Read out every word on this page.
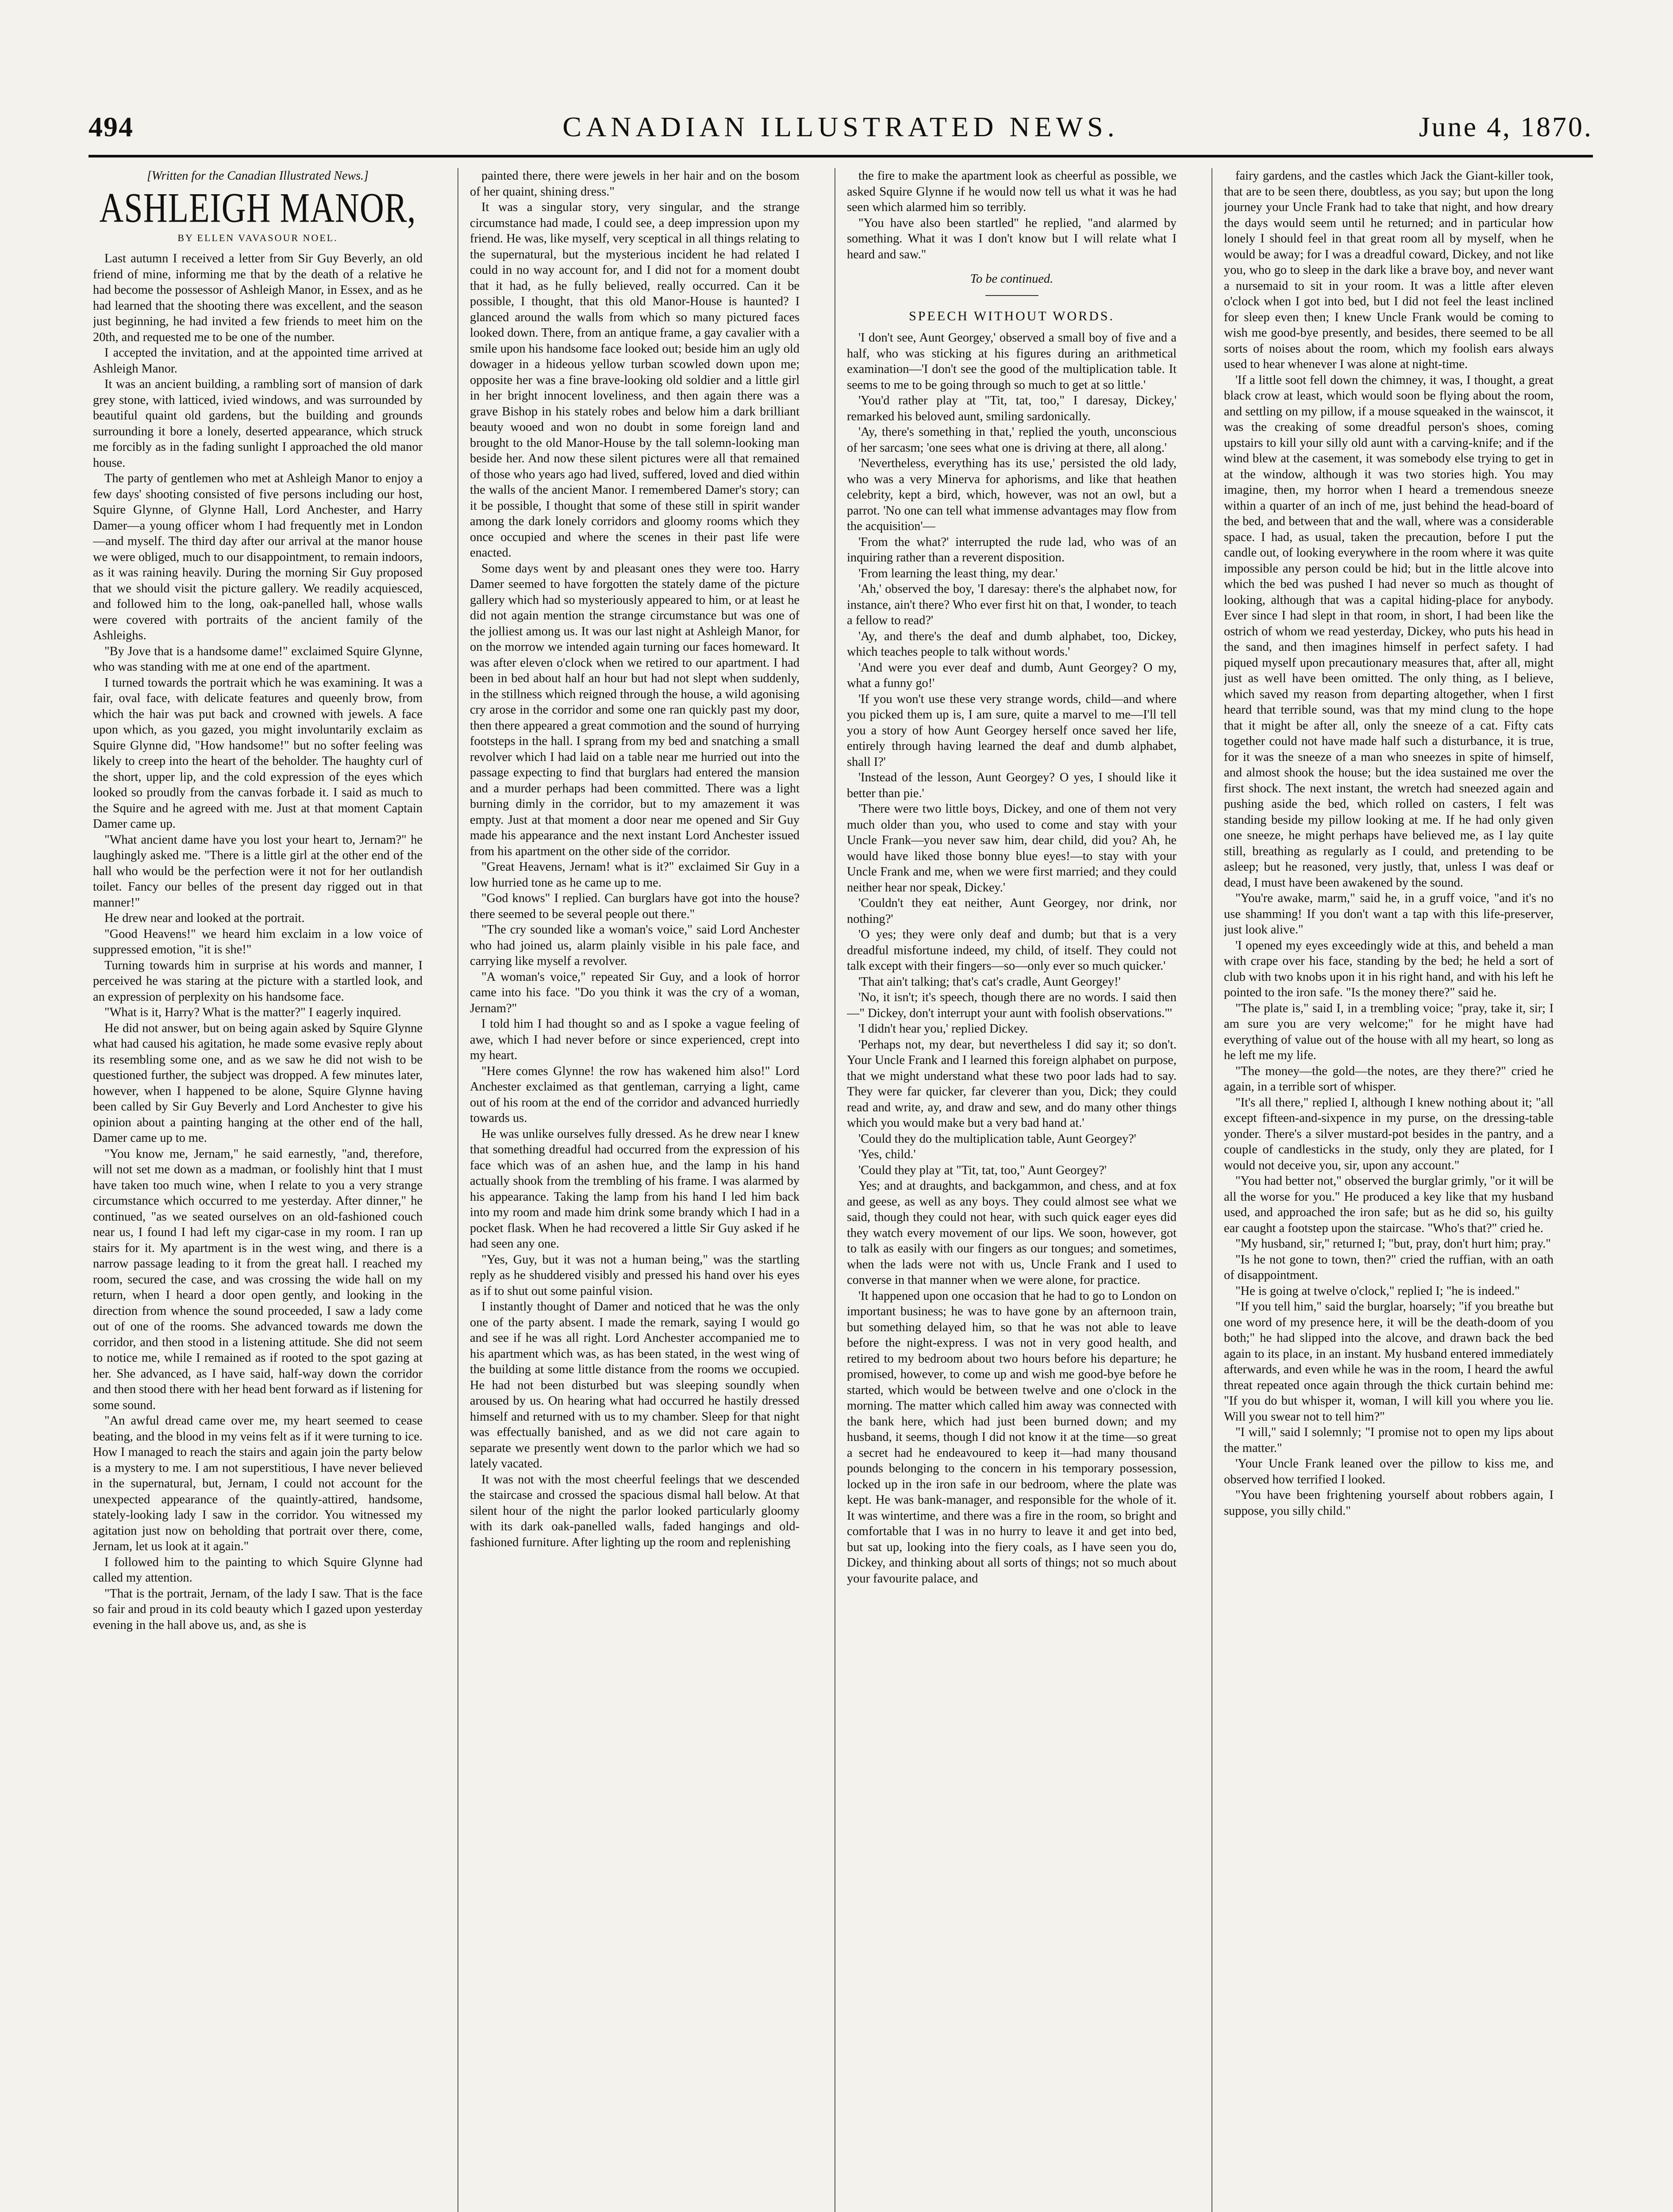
494	CANADIAN ILLUSTRATED NEWS.	June 4, 1870.
[Written for the Canadian Illustrated News.]
ASHLEIGH MANOR,
BY ELLEN VAVASOUR NOEL.

Last autumn I received a letter from Sir Guy Beverly, an old friend of mine, informing me that by the death of a relative he had become the possessor of Ashleigh Manor, in Essex, and as he had learned that the shooting there was excellent, and the season just beginning, he had invited a few friends to meet him on the 20th, and requested me to be one of the number.

I accepted the invitation, and at the appointed time arrived at Ashleigh Manor.

It was an ancient building, a rambling sort of mansion of dark grey stone, with latticed, ivied windows, and was surrounded by beautiful quaint old gardens, but the building and grounds surrounding it bore a lonely, deserted appearance, which struck me forcibly as in the fading sunlight I approached the old manor house.

The party of gentlemen who met at Ashleigh Manor to enjoy a few days' shooting consisted of five persons including our host, Squire Glynne, of Glynne Hall, Lord Anchester, and Harry Damer—a young officer whom I had frequently met in London—and myself. The third day after our arrival at the manor house we were obliged, much to our disappointment, to remain indoors, as it was raining heavily. During the morning Sir Guy proposed that we should visit the picture gallery. We readily acquiesced, and followed him to the long, oak-panelled hall, whose walls were covered with portraits of the ancient family of the Ashleighs.

"By Jove that is a handsome dame!" exclaimed Squire Glynne, who was standing with me at one end of the apartment.

I turned towards the portrait which he was examining. It was a fair, oval face, with delicate features and queenly brow, from which the hair was put back and crowned with jewels. A face upon which, as you gazed, you might involuntarily exclaim as Squire Glynne did, "How handsome!" but no softer feeling was likely to creep into the heart of the beholder. The haughty curl of the short, upper lip, and the cold expression of the eyes which looked so proudly from the canvas forbade it. I said as much to the Squire and he agreed with me. Just at that moment Captain Damer came up.

"What ancient dame have you lost your heart to, Jernam?" he laughingly asked me. "There is a little girl at the other end of the hall who would be the perfection were it not for her outlandish toilet. Fancy our belles of the present day rigged out in that manner!"

He drew near and looked at the portrait.

"Good Heavens!" we heard him exclaim in a low voice of suppressed emotion, "it is she!"

Turning towards him in surprise at his words and manner, I perceived he was staring at the picture with a startled look, and an expression of perplexity on his handsome face.

"What is it, Harry? What is the matter?" I eagerly inquired.

He did not answer, but on being again asked by Squire Glynne what had caused his agitation, he made some evasive reply about its resembling some one, and as we saw he did not wish to be questioned further, the subject was dropped. A few minutes later, however, when I happened to be alone, Squire Glynne having been called by Sir Guy Beverly and Lord Anchester to give his opinion about a painting hanging at the other end of the hall, Damer came up to me.

"You know me, Jernam," he said earnestly, "and, therefore, will not set me down as a madman, or foolishly hint that I must have taken too much wine, when I relate to you a very strange circumstance which occurred to me yesterday. After dinner," he continued, "as we seated ourselves on an old-fashioned couch near us, I found I had left my cigar-case in my room. I ran up stairs for it. My apartment is in the west wing, and there is a narrow passage leading to it from the great hall. I reached my room, secured the case, and was crossing the wide hall on my return, when I heard a door open gently, and looking in the direction from whence the sound proceeded, I saw a lady come out of one of the rooms. She advanced towards me down the corridor, and then stood in a listening attitude. She did not seem to notice me, while I remained as if rooted to the spot gazing at her. She advanced, as I have said, half-way down the corridor and then stood there with her head bent forward as if listening for some sound.

"An awful dread came over me, my heart seemed to cease beating, and the blood in my veins felt as if it were turning to ice. How I managed to reach the stairs and again join the party below is a mystery to me. I am not superstitious, I have never believed in the supernatural, but, Jernam, I could not account for the unexpected appearance of the quaintly-attired, handsome, stately-looking lady I saw in the corridor. You witnessed my agitation just now on beholding that portrait over there, come, Jernam, let us look at it again."

I followed him to the painting to which Squire Glynne had called my attention.

"That is the portrait, Jernam, of the lady I saw. That is the face so fair and proud in its cold beauty which I gazed upon yesterday evening in the hall above us, and, as she is

painted there, there were jewels in her hair and on the bosom of her quaint, shining dress."

It was a singular story, very singular, and the strange circumstance had made, I could see, a deep impression upon my friend. He was, like myself, very sceptical in all things relating to the supernatural, but the mysterious incident he had related I could in no way account for, and I did not for a moment doubt that it had, as he fully believed, really occurred. Can it be possible, I thought, that this old Manor-House is haunted? I glanced around the walls from which so many pictured faces looked down. There, from an antique frame, a gay cavalier with a smile upon his handsome face looked out; beside him an ugly old dowager in a hideous yellow turban scowled down upon me; opposite her was a fine brave-looking old soldier and a little girl in her bright innocent loveliness, and then again there was a grave Bishop in his stately robes and below him a dark brilliant beauty wooed and won no doubt in some foreign land and brought to the old Manor-House by the tall solemn-looking man beside her. And now these silent pictures were all that remained of those who years ago had lived, suffered, loved and died within the walls of the ancient Manor. I remembered Damer's story; can it be possible, I thought that some of these still in spirit wander among the dark lonely corridors and gloomy rooms which they once occupied and where the scenes in their past life were enacted.

Some days went by and pleasant ones they were too. Harry Damer seemed to have forgotten the stately dame of the picture gallery which had so mysteriously appeared to him, or at least he did not again mention the strange circumstance but was one of the jolliest among us. It was our last night at Ashleigh Manor, for on the morrow we intended again turning our faces homeward. It was after eleven o'clock when we retired to our apartment. I had been in bed about half an hour but had not slept when suddenly, in the stillness which reigned through the house, a wild agonising cry arose in the corridor and some one ran quickly past my door, then there appeared a great commotion and the sound of hurrying footsteps in the hall. I sprang from my bed and snatching a small revolver which I had laid on a table near me hurried out into the passage expecting to find that burglars had entered the mansion and a murder perhaps had been committed. There was a light burning dimly in the corridor, but to my amazement it was empty. Just at that moment a door near me opened and Sir Guy made his appearance and the next instant Lord Anchester issued from his apartment on the other side of the corridor.

"Great Heavens, Jernam! what is it?" exclaimed Sir Guy in a low hurried tone as he came up to me.

"God knows" I replied. Can burglars have got into the house? there seemed to be several people out there."

"The cry sounded like a woman's voice," said Lord Anchester who had joined us, alarm plainly visible in his pale face, and carrying like myself a revolver.

"A woman's voice," repeated Sir Guy, and a look of horror came into his face. "Do you think it was the cry of a woman, Jernam?"

I told him I had thought so and as I spoke a vague feeling of awe, which I had never before or since experienced, crept into my heart.

"Here comes Glynne! the row has wakened him also!" Lord Anchester exclaimed as that gentleman, carrying a light, came out of his room at the end of the corridor and advanced hurriedly towards us.

He was unlike ourselves fully dressed. As he drew near I knew that something dreadful had occurred from the expression of his face which was of an ashen hue, and the lamp in his hand actually shook from the trembling of his frame. I was alarmed by his appearance. Taking the lamp from his hand I led him back into my room and made him drink some brandy which I had in a pocket flask. When he had recovered a little Sir Guy asked if he had seen any one.

"Yes, Guy, but it was not a human being," was the startling reply as he shuddered visibly and pressed his hand over his eyes as if to shut out some painful vision.

I instantly thought of Damer and noticed that he was the only one of the party absent. I made the remark, saying I would go and see if he was all right. Lord Anchester accompanied me to his apartment which was, as has been stated, in the west wing of the building at some little distance from the rooms we occupied. He had not been disturbed but was sleeping soundly when aroused by us. On hearing what had occurred he hastily dressed himself and returned with us to my chamber. Sleep for that night was effectually banished, and as we did not care again to separate we presently went down to the parlor which we had so lately vacated.

It was not with the most cheerful feelings that we descended the staircase and crossed the spacious dismal hall below. At that silent hour of the night the parlor looked particularly gloomy with its dark oak-panelled walls, faded hangings and old-fashioned furniture. After lighting up the room and replenishing

the fire to make the apartment look as cheerful as possible, we asked Squire Glynne if he would now tell us what it was he had seen which alarmed him so terribly.

"You have also been startled" he replied, "and alarmed by something. What it was I don't know but I will relate what I heard and saw."

To be continued.
SPEECH WITHOUT WORDS.

'I don't see, Aunt Georgey,' observed a small boy of five and a half, who was sticking at his figures during an arithmetical examination—'I don't see the good of the multiplication table. It seems to me to be going through so much to get at so little.'

'You'd rather play at "Tit, tat, too," I daresay, Dickey,' remarked his beloved aunt, smiling sardonically.

'Ay, there's something in that,' replied the youth, unconscious of her sarcasm; 'one sees what one is driving at there, all along.'

'Nevertheless, everything has its use,' persisted the old lady, who was a very Minerva for aphorisms, and like that heathen celebrity, kept a bird, which, however, was not an owl, but a parrot. 'No one can tell what immense advantages may flow from the acquisition'—

'From the what?' interrupted the rude lad, who was of an inquiring rather than a reverent disposition.

'From learning the least thing, my dear.'

'Ah,' observed the boy, 'I daresay: there's the alphabet now, for instance, ain't there? Who ever first hit on that, I wonder, to teach a fellow to read?'

'Ay, and there's the deaf and dumb alphabet, too, Dickey, which teaches people to talk without words.'

'And were you ever deaf and dumb, Aunt Georgey? O my, what a funny go!'

'If you won't use these very strange words, child—and where you picked them up is, I am sure, quite a marvel to me—I'll tell you a story of how Aunt Georgey herself once saved her life, entirely through having learned the deaf and dumb alphabet, shall I?'

'Instead of the lesson, Aunt Georgey? O yes, I should like it better than pie.'

'There were two little boys, Dickey, and one of them not very much older than you, who used to come and stay with your Uncle Frank—you never saw him, dear child, did you? Ah, he would have liked those bonny blue eyes!—to stay with your Uncle Frank and me, when we were first married; and they could neither hear nor speak, Dickey.'

'Couldn't they eat neither, Aunt Georgey, nor drink, nor nothing?'

'O yes; they were only deaf and dumb; but that is a very dreadful misfortune indeed, my child, of itself. They could not talk except with their fingers—so—only ever so much quicker.'

'That ain't talking; that's cat's cradle, Aunt Georgey!'

'No, it isn't; it's speech, though there are no words. I said then—" Dickey, don't interrupt your aunt with foolish observations."'

'I didn't hear you,' replied Dickey.

'Perhaps not, my dear, but nevertheless I did say it; so don't. Your Uncle Frank and I learned this foreign alphabet on purpose, that we might understand what these two poor lads had to say. They were far quicker, far cleverer than you, Dick; they could read and write, ay, and draw and sew, and do many other things which you would make but a very bad hand at.'

'Could they do the multiplication table, Aunt Georgey?'

'Yes, child.'

'Could they play at "Tit, tat, too," Aunt Georgey?'

Yes; and at draughts, and backgammon, and chess, and at fox and geese, as well as any boys. They could almost see what we said, though they could not hear, with such quick eager eyes did they watch every movement of our lips. We soon, however, got to talk as easily with our fingers as our tongues; and sometimes, when the lads were not with us, Uncle Frank and I used to converse in that manner when we were alone, for practice.

'It happened upon one occasion that he had to go to London on important business; he was to have gone by an afternoon train, but something delayed him, so that he was not able to leave before the night-express. I was not in very good health, and retired to my bedroom about two hours before his departure; he promised, however, to come up and wish me good-bye before he started, which would be between twelve and one o'clock in the morning. The matter which called him away was connected with the bank here, which had just been burned down; and my husband, it seems, though I did not know it at the time—so great a secret had he endeavoured to keep it—had many thousand pounds belonging to the concern in his temporary possession, locked up in the iron safe in our bedroom, where the plate was kept. He was bank-manager, and responsible for the whole of it. It was wintertime, and there was a fire in the room, so bright and comfortable that I was in no hurry to leave it and get into bed, but sat up, looking into the fiery coals, as I have seen you do, Dickey, and thinking about all sorts of things; not so much about your favourite palace, and

fairy gardens, and the castles which Jack the Giant-killer took, that are to be seen there, doubtless, as you say; but upon the long journey your Uncle Frank had to take that night, and how dreary the days would seem until he returned; and in particular how lonely I should feel in that great room all by myself, when he would be away; for I was a dreadful coward, Dickey, and not like you, who go to sleep in the dark like a brave boy, and never want a nursemaid to sit in your room. It was a little after eleven o'clock when I got into bed, but I did not feel the least inclined for sleep even then; I knew Uncle Frank would be coming to wish me good-bye presently, and besides, there seemed to be all sorts of noises about the room, which my foolish ears always used to hear whenever I was alone at night-time.

'If a little soot fell down the chimney, it was, I thought, a great black crow at least, which would soon be flying about the room, and settling on my pillow, if a mouse squeaked in the wainscot, it was the creaking of some dreadful person's shoes, coming upstairs to kill your silly old aunt with a carving-knife; and if the wind blew at the casement, it was somebody else trying to get in at the window, although it was two stories high. You may imagine, then, my horror when I heard a tremendous sneeze within a quarter of an inch of me, just behind the head-board of the bed, and between that and the wall, where was a considerable space. I had, as usual, taken the precaution, before I put the candle out, of looking everywhere in the room where it was quite impossible any person could be hid; but in the little alcove into which the bed was pushed I had never so much as thought of looking, although that was a capital hiding-place for anybody. Ever since I had slept in that room, in short, I had been like the ostrich of whom we read yesterday, Dickey, who puts his head in the sand, and then imagines himself in perfect safety. I had piqued myself upon precautionary measures that, after all, might just as well have been omitted. The only thing, as I believe, which saved my reason from departing altogether, when I first heard that terrible sound, was that my mind clung to the hope that it might be after all, only the sneeze of a cat. Fifty cats together could not have made half such a disturbance, it is true, for it was the sneeze of a man who sneezes in spite of himself, and almost shook the house; but the idea sustained me over the first shock. The next instant, the wretch had sneezed again and pushing aside the bed, which rolled on casters, I felt was standing beside my pillow looking at me. If he had only given one sneeze, he might perhaps have believed me, as I lay quite still, breathing as regularly as I could, and pretending to be asleep; but he reasoned, very justly, that, unless I was deaf or dead, I must have been awakened by the sound.

"You're awake, marm," said he, in a gruff voice, "and it's no use shamming! If you don't want a tap with this life-preserver, just look alive."

'I opened my eyes exceedingly wide at this, and beheld a man with crape over his face, standing by the bed; he held a sort of club with two knobs upon it in his right hand, and with his left he pointed to the iron safe. "Is the money there?" said he.

"The plate is," said I, in a trembling voice; "pray, take it, sir; I am sure you are very welcome;" for he might have had everything of value out of the house with all my heart, so long as he left me my life.

"The money—the gold—the notes, are they there?" cried he again, in a terrible sort of whisper.

"It's all there," replied I, although I knew nothing about it; "all except fifteen-and-sixpence in my purse, on the dressing-table yonder. There's a silver mustard-pot besides in the pantry, and a couple of candlesticks in the study, only they are plated, for I would not deceive you, sir, upon any account."

"You had better not," observed the burglar grimly, "or it will be all the worse for you." He produced a key like that my husband used, and approached the iron safe; but as he did so, his guilty ear caught a footstep upon the staircase. "Who's that?" cried he.

"My husband, sir," returned I; "but, pray, don't hurt him; pray."

"Is he not gone to town, then?" cried the ruffian, with an oath of disappointment.

"He is going at twelve o'clock," replied I; "he is indeed."

"If you tell him," said the burglar, hoarsely; "if you breathe but one word of my presence here, it will be the death-doom of you both;" he had slipped into the alcove, and drawn back the bed again to its place, in an instant. My husband entered immediately afterwards, and even while he was in the room, I heard the awful threat repeated once again through the thick curtain behind me: "If you do but whisper it, woman, I will kill you where you lie. Will you swear not to tell him?"

"I will," said I solemnly; "I promise not to open my lips about the matter."

'Your Uncle Frank leaned over the pillow to kiss me, and observed how terrified I looked.

"You have been frightening yourself about robbers again, I suppose, you silly child."
